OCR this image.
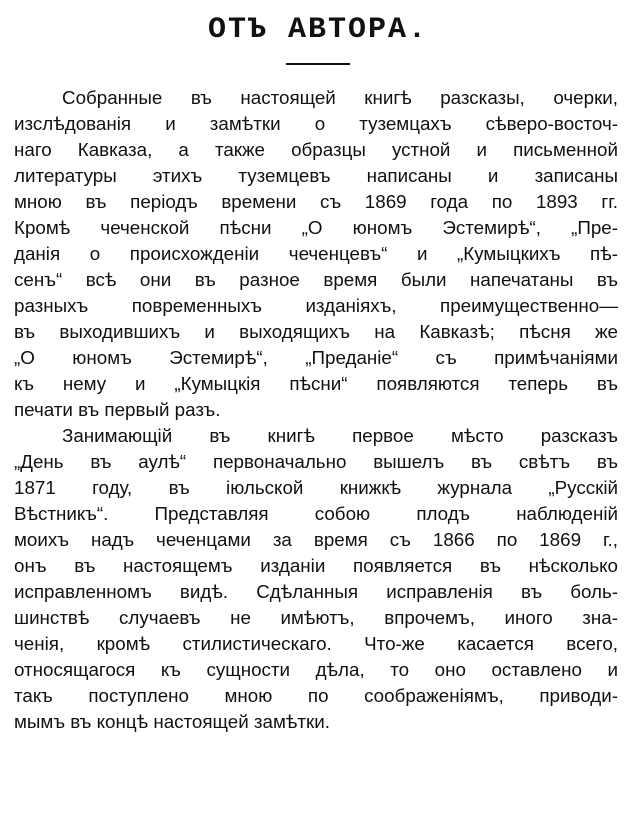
ОТЪ АВТОРА.
Собранные въ настоящей книгѣ разсказы, очерки,
изслѣдованія и замѣтки о туземцахъ сѣверо-восточ-
наго Кавказа, а также образцы устной и письменной
литературы этихъ туземцевъ написаны и записаны
мною въ періодъ времени съ 1869 года по 1893 гг.
Кромѣ чеченской пѣсни „О юномъ Эстемирѣ“, „Пре-
данія о происхожденіи чеченцевъ“ и „Кумыцкихъ пѣ-
сенъ“ всѣ они въ разное время были напечатаны въ
разныхъ повременныхъ изданіяхъ, преимущественно—
въ выходившихъ и выходящихъ на Кавказѣ; пѣсня же
„О юномъ Эстемирѣ“, „Преданіе“ съ примѣчаніями
къ нему и „Кумыцкія пѣсни“ появляются теперь въ
печати въ первый разъ.
Занимающій въ книгѣ первое мѣсто разсказъ
„День въ аулѣ“ первоначально вышелъ въ свѣтъ въ
1871 году, въ іюльской книжкѣ журнала „Русскій
Вѣстникъ“. Представляя собою плодъ наблюденій
моихъ надъ чеченцами за время съ 1866 по 1869 г.,
онъ въ настоящемъ изданіи появляется въ нѣсколько
исправленномъ видѣ. Сдѣланныя исправленія въ боль-
шинствѣ случаевъ не имѣютъ, впрочемъ, иного зна-
ченія, кромѣ стилистическаго. Что-же касается всего,
относящагося къ сущности дѣла, то оно оставлено и
такъ поступлено мною по соображеніямъ, приводи-
мымъ въ концѣ настоящей замѣтки.
